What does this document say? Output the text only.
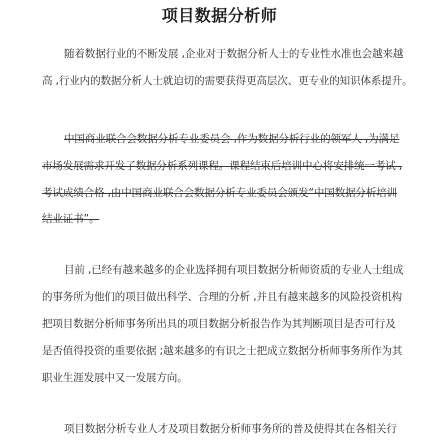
项目数据分析师
随着数据行业的不断发展 ,企业对于数据分析人士的专业性水准也会越来越
高 ,行业内的数据分析人士就迫切的需要获得更高层次、更专业的知识体系提升。
中国商业联合会数据分析专业委员会 ,作为数据分析行业的领军人 ,为满足
市场发展需求开发了数据分析系列课程。课程结束后培训中心将安排统一考试 ,
考试成绩合格 ,由中国商业联合会数据分析专业委员会颁发“中国数据分析培训
结业证书”。
目前 ,已经有越来越多的企业选择拥有项目数据分析师资质的专业人士组成
的事务所为他们的项目做出科学、合理的分析 ,并且有越来越多的风险投资机构
把项目数据分析师事务所出具的项目数据分析报告作为其判断项目是否可行及
是否值得投资的重要依据 ;越来越多的有识之士把成立数据分析师事务所作为其
职业生涯发展中又一发展方向。
项目数据分析专业人才及项目数据分析师事务所的普及使得其在各相关行
